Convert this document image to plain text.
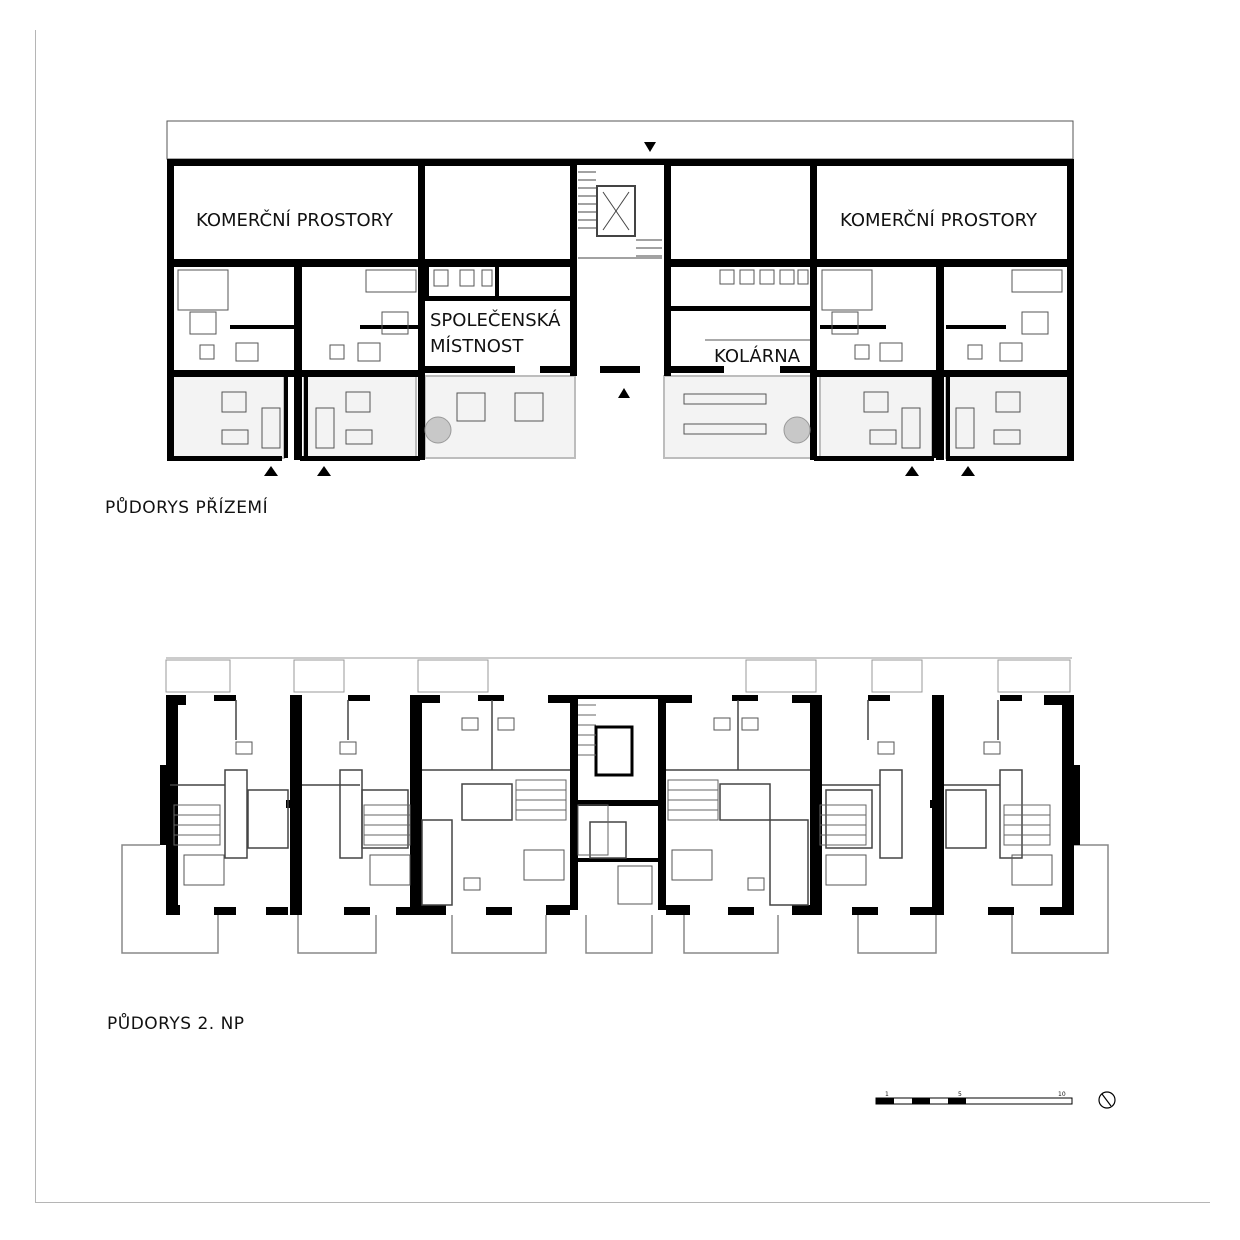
KOMERČNÍ PROSTORY	KOMERČNÍ PROSTORY
SPOLEČENSKÁ
MÍSTNOST	KOLÁRNA
PŮDORYS PŘÍZEMÍ
PŮDORYS 2. NP
1	5	10
